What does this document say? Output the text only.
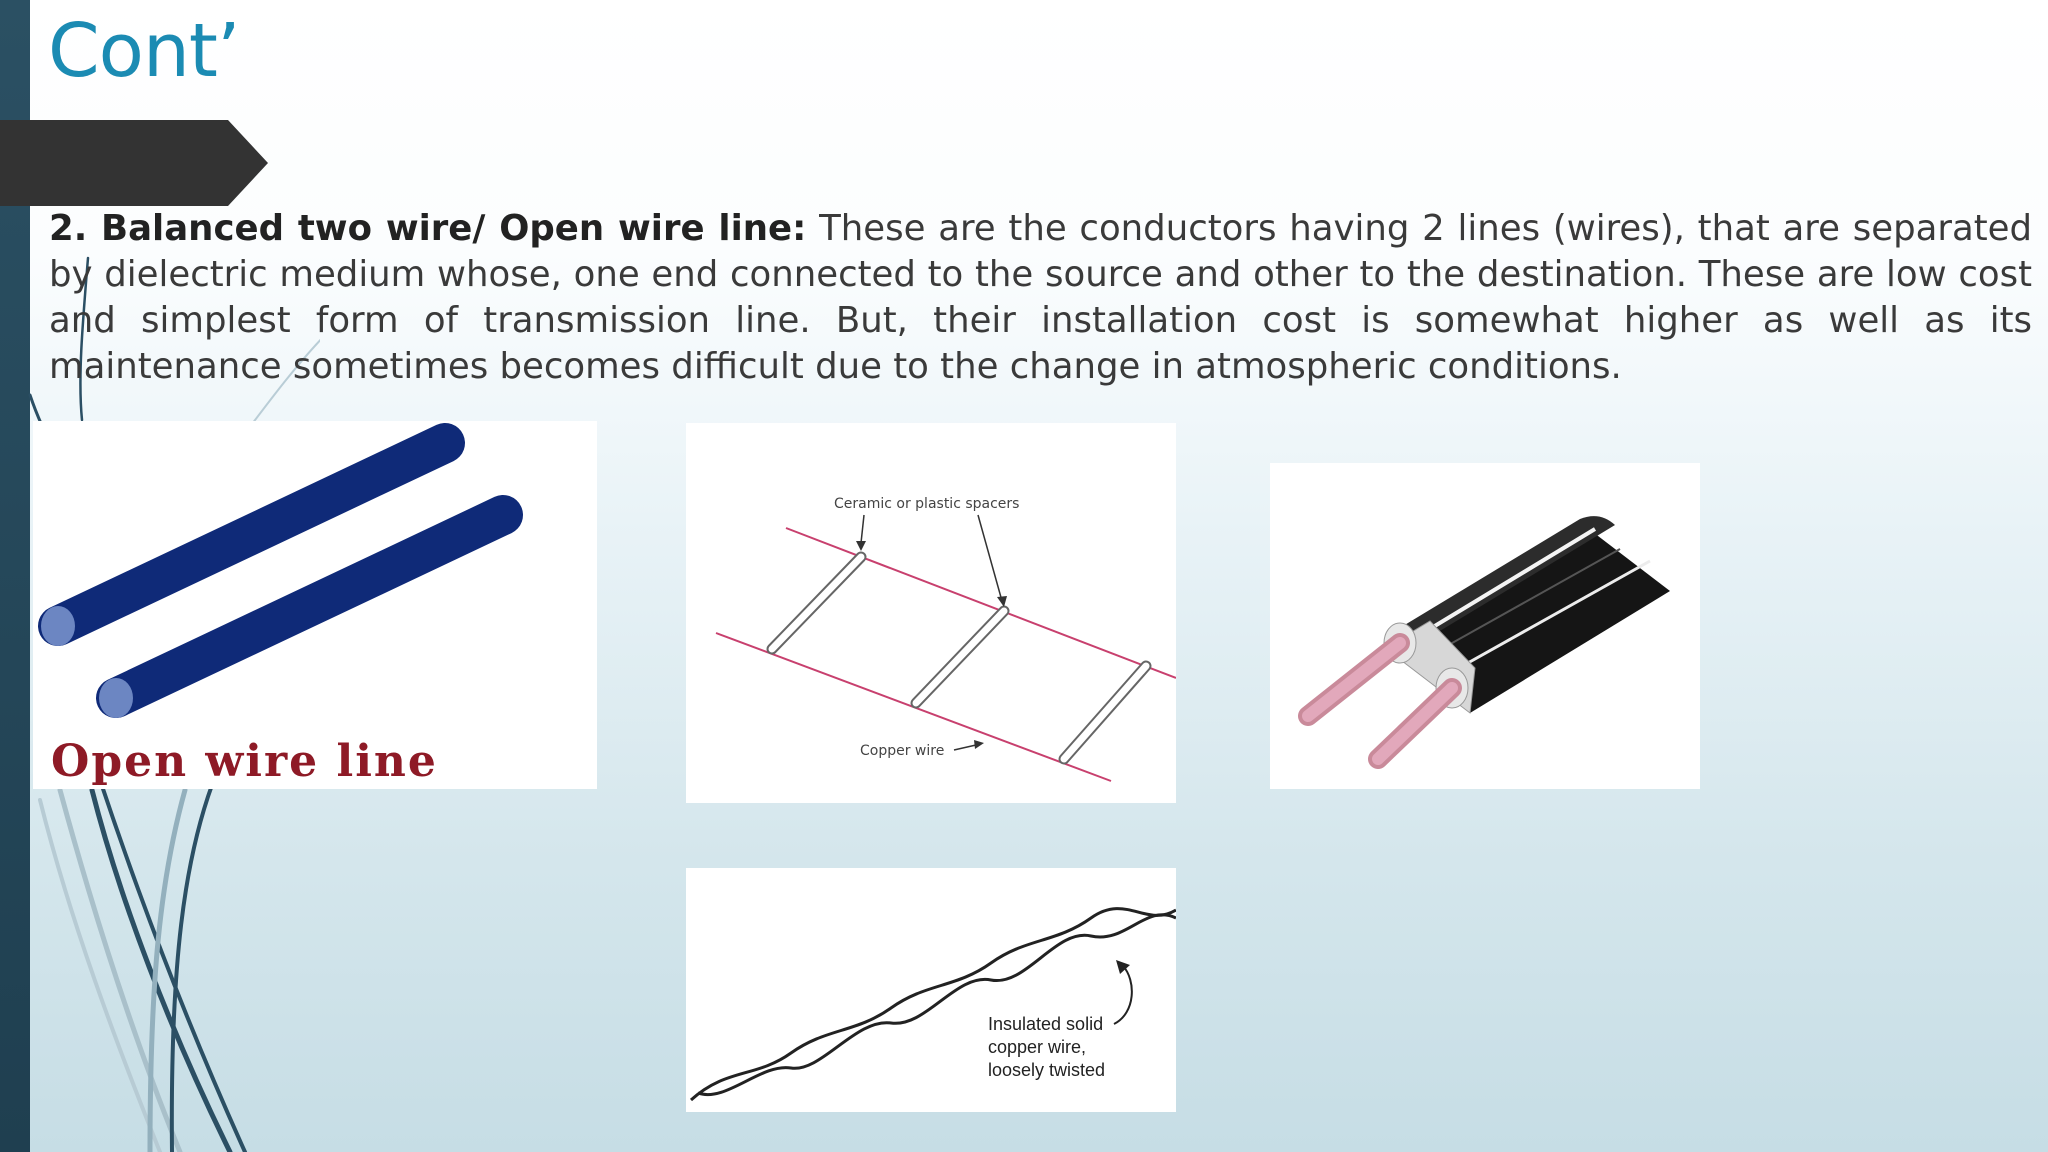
Cont’

2. Balanced two wire/ Open wire line: These are the conductors having 2 lines (wires), that are separated by dielectric medium whose, one end connected to the source and other to the destination. These are low cost and simplest form of transmission line. But, their installation cost is somewhat higher as well as its maintenance sometimes becomes difficult due to the change in atmospheric conditions.

Open wire line
Ceramic or plastic spacers
Copper wire
Insulated solid
copper wire,
loosely twisted
